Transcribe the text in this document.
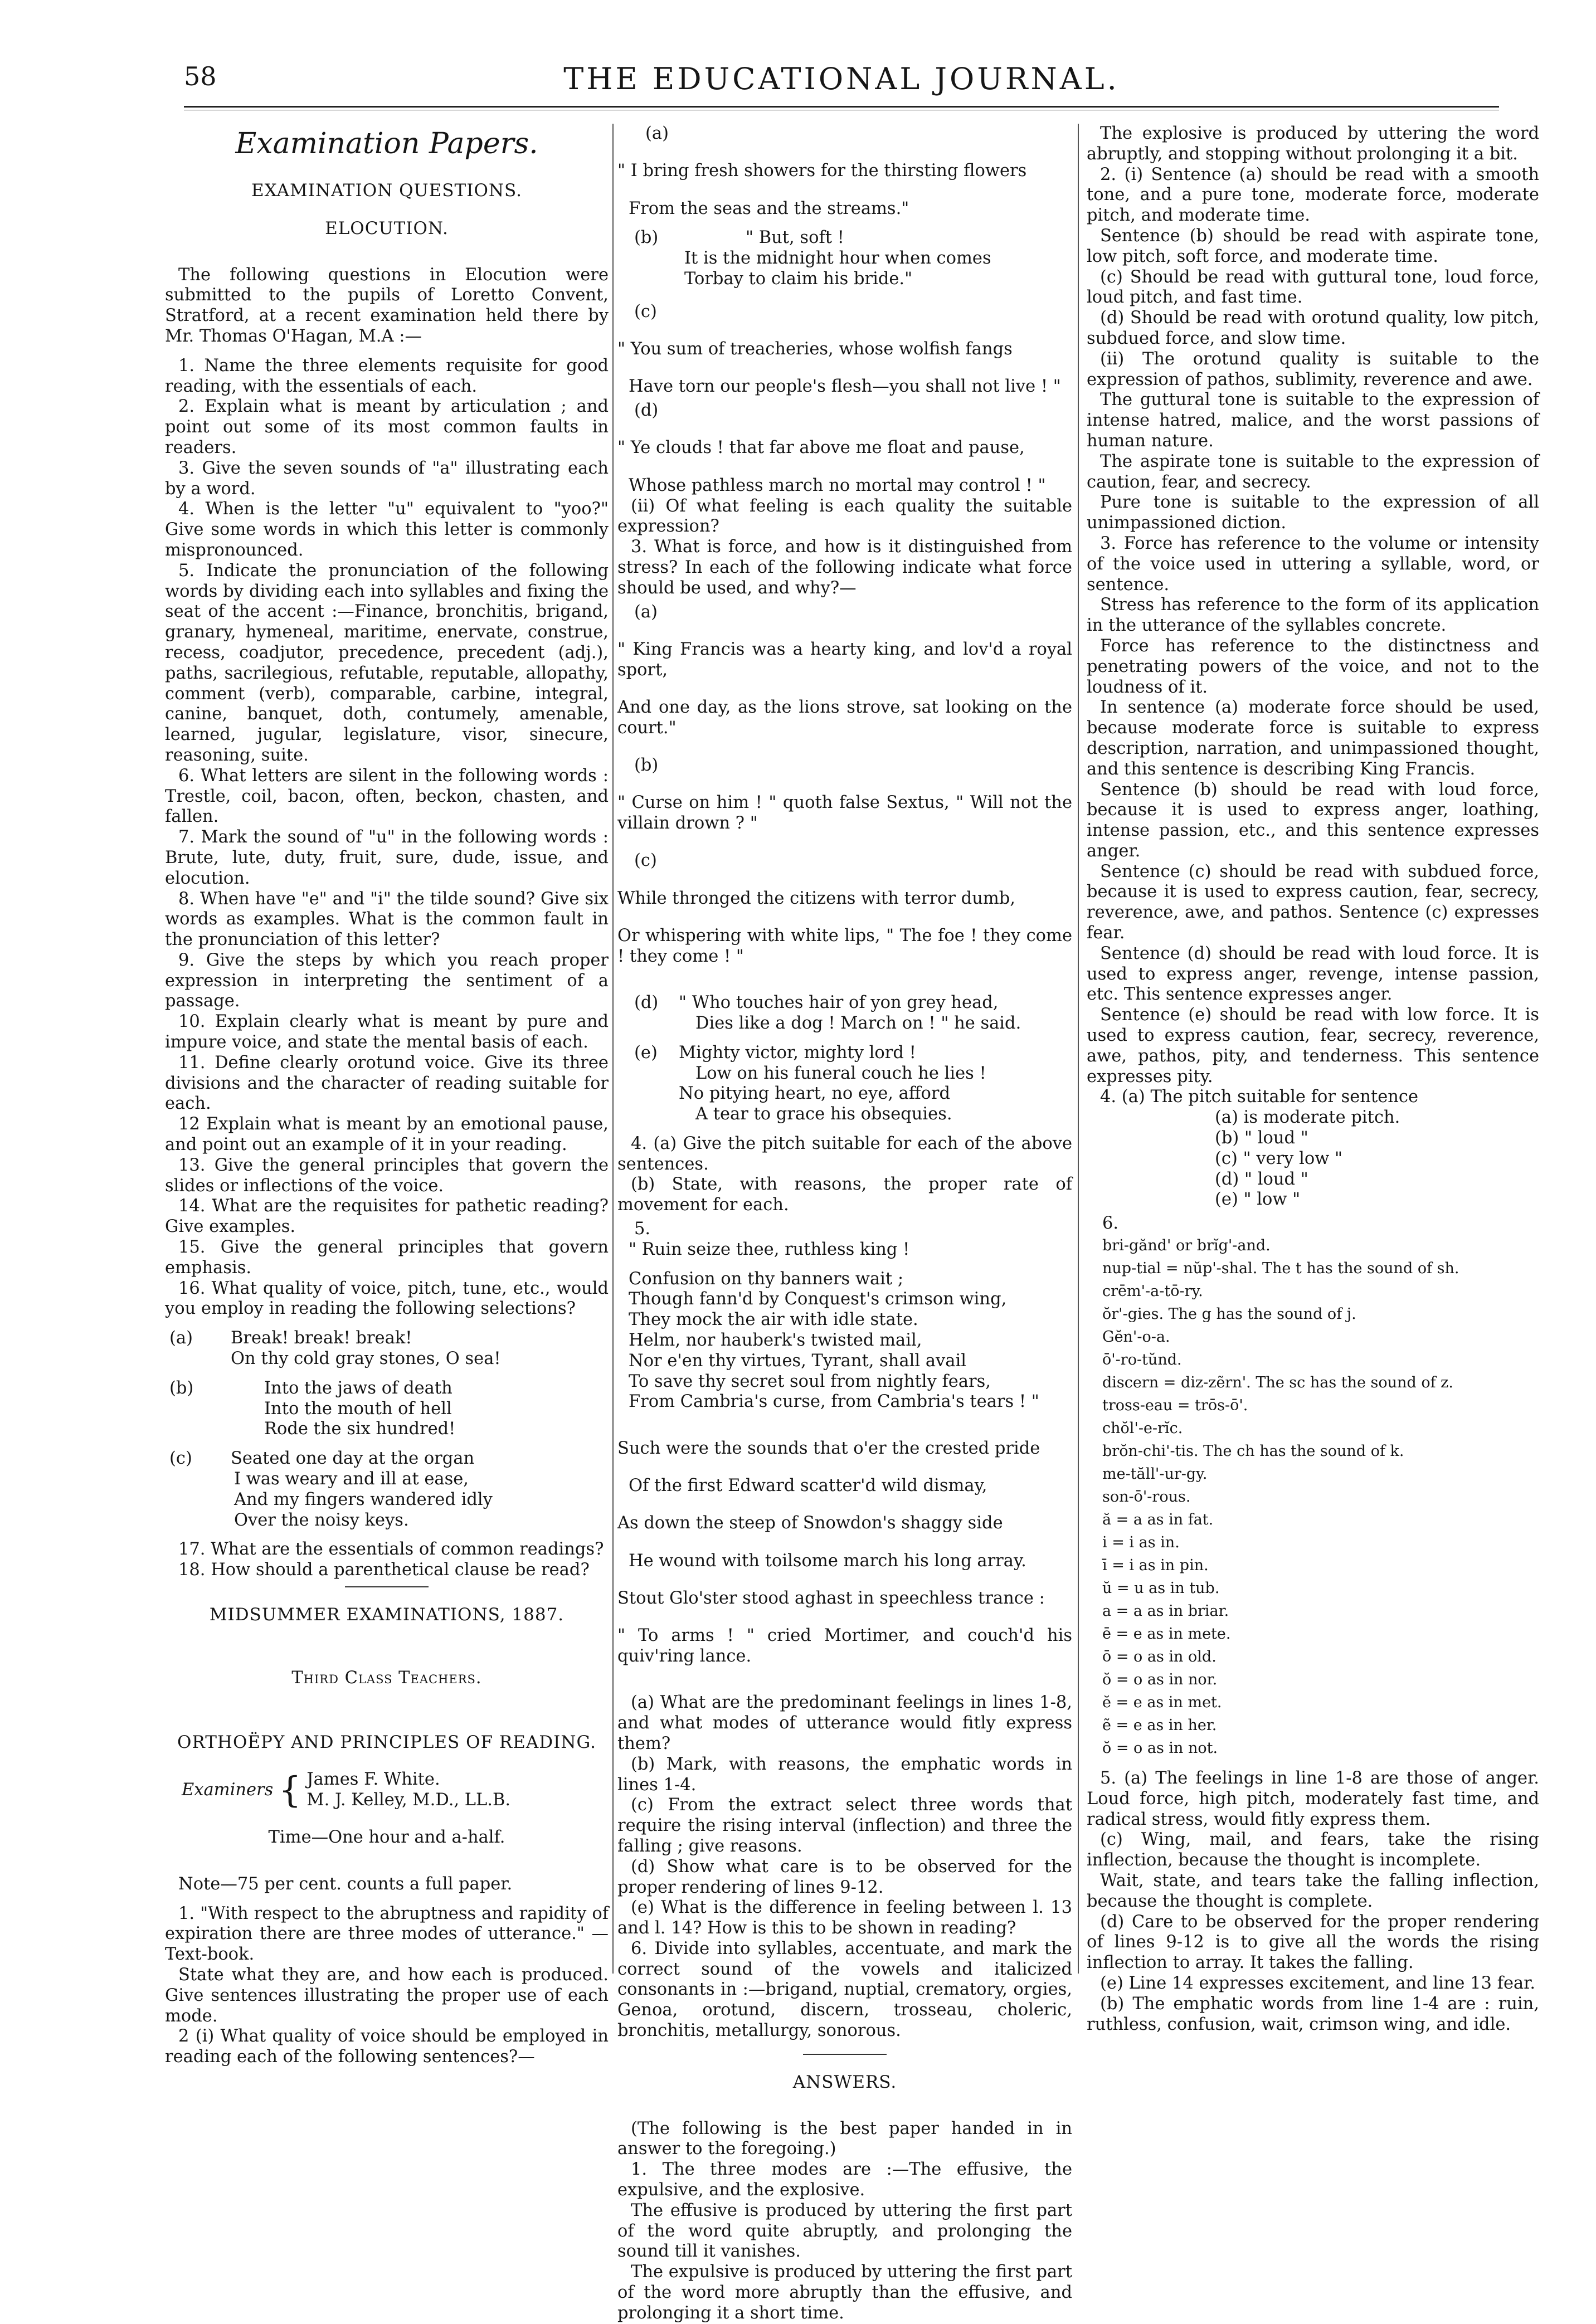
58	THE EDUCATIONAL JOURNAL.
Examination Papers.

EXAMINATION QUESTIONS.

ELOCUTION.

The following questions in Elocution were submitted to the pupils of Loretto Convent, Stratford, at a recent examination held there by Mr. Thomas O'Hagan, M.A :—

1. Name the three elements requisite for good reading, with the essentials of each.

2. Explain what is meant by articulation ; and point out some of its most common faults in readers.

3. Give the seven sounds of "a" illustrating each by a word.

4. When is the letter "u" equivalent to "yoo?" Give some words in which this letter is commonly mispronounced.

5. Indicate the pronunciation of the following words by dividing each into syllables and fixing the seat of the accent :—Finance, bronchitis, brigand, granary, hymeneal, maritime, enervate, construe, recess, coadjutor, precedence, precedent (adj.), paths, sacrilegious, refutable, reputable, allopathy, comment (verb), comparable, carbine, integral, canine, banquet, doth, contumely, amenable, learned, jugular, legislature, visor, sinecure, reasoning, suite.

6. What letters are silent in the following words : Trestle, coil, bacon, often, beckon, chasten, and fallen.

7. Mark the sound of "u" in the following words : Brute, lute, duty, fruit, sure, dude, issue, and elocution.

8. When have "e" and "i" the tilde sound? Give six words as examples. What is the common fault in the pronunciation of this letter?

9. Give the steps by which you reach proper expression in interpreting the sentiment of a passage.

10. Explain clearly what is meant by pure and impure voice, and state the mental basis of each.

11. Define clearly orotund voice. Give its three divisions and the character of reading suitable for each.

12 Explain what is meant by an emotional pause, and point out an example of it in your reading.

13. Give the general principles that govern the slides or inflections of the voice.

14. What are the requisites for pathetic reading? Give examples.

15. Give the general principles that govern emphasis.

16. What quality of voice, pitch, tune, etc., would you employ in reading the following selections?

(a)	Break! break! break!
	On thy cold gray stones, O sea!
(b)	Into the jaws of death
	Into the mouth of hell
	Rode the six hundred!
(c)	Seated one day at the organ
	I was weary and ill at ease,
	And my fingers wandered idly
	Over the noisy keys.

17. What are the essentials of common readings?

18. How should a parenthetical clause be read?

MIDSUMMER EXAMINATIONS, 1887.

Third Class Teachers.

ORTHOËPY AND PRINCIPLES OF READING.

Examiners { James F. White.
M. J. Kelley, M.D., LL.B.

Time—One hour and a-half.

Note—75 per cent. counts a full paper.

1. "With respect to the abruptness and rapidity of expiration there are three modes of utterance." —Text-book.

State what they are, and how each is produced. Give sentences illustrating the proper use of each mode.

2 (i) What quality of voice should be employed in reading each of the following sentences?—

(a)

" I bring fresh showers for the thirsting flowers

From the seas and the streams."

(b)	" But, soft !
	It is the midnight hour when comes
	Torbay to claim his bride."

(c)

" You sum of treacheries, whose wolfish fangs

Have torn our people's flesh—you shall not live ! "

(d)

" Ye clouds ! that far above me float and pause,

Whose pathless march no mortal may control ! "

(ii) Of what feeling is each quality the suitable expression?

3. What is force, and how is it distinguished from stress? In each of the following indicate what force should be used, and why?—

(a)

" King Francis was a hearty king, and lov'd a royal sport,

And one day, as the lions strove, sat looking on the court."

(b)

" Curse on him ! " quoth false Sextus, " Will not the villain drown ? "

(c)

While thronged the citizens with terror dumb,

Or whispering with white lips, " The foe ! they come ! they come ! "

(d)	" Who touches hair of yon grey head,
	Dies like a dog ! March on ! " he said.
(e)	Mighty victor, mighty lord !
	Low on his funeral couch he lies !
	No pitying heart, no eye, afford
	A tear to grace his obsequies.

4. (a) Give the pitch suitable for each of the above sentences.

(b) State, with reasons, the proper rate of movement for each.

5.

" Ruin seize thee, ruthless king !

Confusion on thy banners wait ;

Though fann'd by Conquest's crimson wing,

They mock the air with idle state.

Helm, nor hauberk's twisted mail,

Nor e'en thy virtues, Tyrant, shall avail

To save thy secret soul from nightly fears,

From Cambria's curse, from Cambria's tears ! "

Such were the sounds that o'er the crested pride

Of the first Edward scatter'd wild dismay,

As down the steep of Snowdon's shaggy side

He wound with toilsome march his long array.

Stout Glo'ster stood aghast in speechless trance :

" To arms ! " cried Mortimer, and couch'd his quiv'ring lance.

(a) What are the predominant feelings in lines 1-8, and what modes of utterance would fitly express them?

(b) Mark, with reasons, the emphatic words in lines 1-4.

(c) From the extract select three words that require the rising interval (inflection) and three the falling ; give reasons.

(d) Show what care is to be observed for the proper rendering of lines 9-12.

(e) What is the difference in feeling between l. 13 and l. 14? How is this to be shown in reading?

6. Divide into syllables, accentuate, and mark the correct sound of the vowels and italicized consonants in :—brigand, nuptial, crematory, orgies, Genoa, orotund, discern, trosseau, choleric, bronchitis, metallurgy, sonorous.

ANSWERS.

(The following is the best paper handed in in answer to the foregoing.)

1. The three modes are :—The effusive, the expulsive, and the explosive.

The effusive is produced by uttering the first part of the word quite abruptly, and prolonging the sound till it vanishes.

The expulsive is produced by uttering the first part of the word more abruptly than the effusive, and prolonging it a short time.

The explosive is produced by uttering the word abruptly, and stopping without prolonging it a bit.

2. (i) Sentence (a) should be read with a smooth tone, and a pure tone, moderate force, moderate pitch, and moderate time.

Sentence (b) should be read with aspirate tone, low pitch, soft force, and moderate time.

(c) Should be read with guttural tone, loud force, loud pitch, and fast time.

(d) Should be read with orotund quality, low pitch, subdued force, and slow time.

(ii) The orotund quality is suitable to the expression of pathos, sublimity, reverence and awe.

The guttural tone is suitable to the expression of intense hatred, malice, and the worst passions of human nature.

The aspirate tone is suitable to the expression of caution, fear, and secrecy.

Pure tone is suitable to the expression of all unimpassioned diction.

3. Force has reference to the volume or intensity of the voice used in uttering a syllable, word, or sentence.

Stress has reference to the form of its application in the utterance of the syllables concrete.

Force has reference to the distinctness and penetrating powers of the voice, and not to the loudness of it.

In sentence (a) moderate force should be used, because moderate force is suitable to express description, narration, and unimpassioned thought, and this sentence is describing King Francis.

Sentence (b) should be read with loud force, because it is used to express anger, loathing, intense passion, etc., and this sentence expresses anger.

Sentence (c) should be read with subdued force, because it is used to express caution, fear, secrecy, reverence, awe, and pathos. Sentence (c) expresses fear.

Sentence (d) should be read with loud force. It is used to express anger, revenge, intense passion, etc. This sentence expresses anger.

Sentence (e) should be read with low force. It is used to express caution, fear, secrecy, reverence, awe, pathos, pity, and tenderness. This sentence expresses pity.

4. (a) The pitch suitable for sentence

(a) is moderate pitch.

(b) " loud "

(c) " very low "

(d) " loud "

(e) " low "

6.

bri-gănd' or brĭg'-and.

nup-tial = nŭp'-shal. The t has the sound of sh.

crēm'-a-tō-ry.

ŏr'-gies. The g has the sound of j.

Gĕn'-o-a.

ō'-ro-tŭnd.

discern = diz-zẽrn'. The sc has the sound of z.

tross-eau = trōs-ō'.

chŏl'-e-rĭc.

brŏn-chi'-tis. The ch has the sound of k.

me-tăll'-ur-gy.

son-ō'-rous.

ă = a as in fat.

i = i as in.

ī = i as in pin.

ŭ = u as in tub.

a = a as in briar.

ē = e as in mete.

ō = o as in old.

ŏ = o as in nor.

ĕ = e as in met.

ẽ = e as in her.

ŏ = o as in not.

5. (a) The feelings in line 1-8 are those of anger. Loud force, high pitch, moderately fast time, and radical stress, would fitly express them.

(c) Wing, mail, and fears, take the rising inflection, because the thought is incomplete.

Wait, state, and tears take the falling inflection, because the thought is complete.

(d) Care to be observed for the proper rendering of lines 9-12 is to give all the words the rising inflection to array. It takes the falling.

(e) Line 14 expresses excitement, and line 13 fear.

(b) The emphatic words from line 1-4 are : ruin, ruthless, confusion, wait, crimson wing, and idle.
